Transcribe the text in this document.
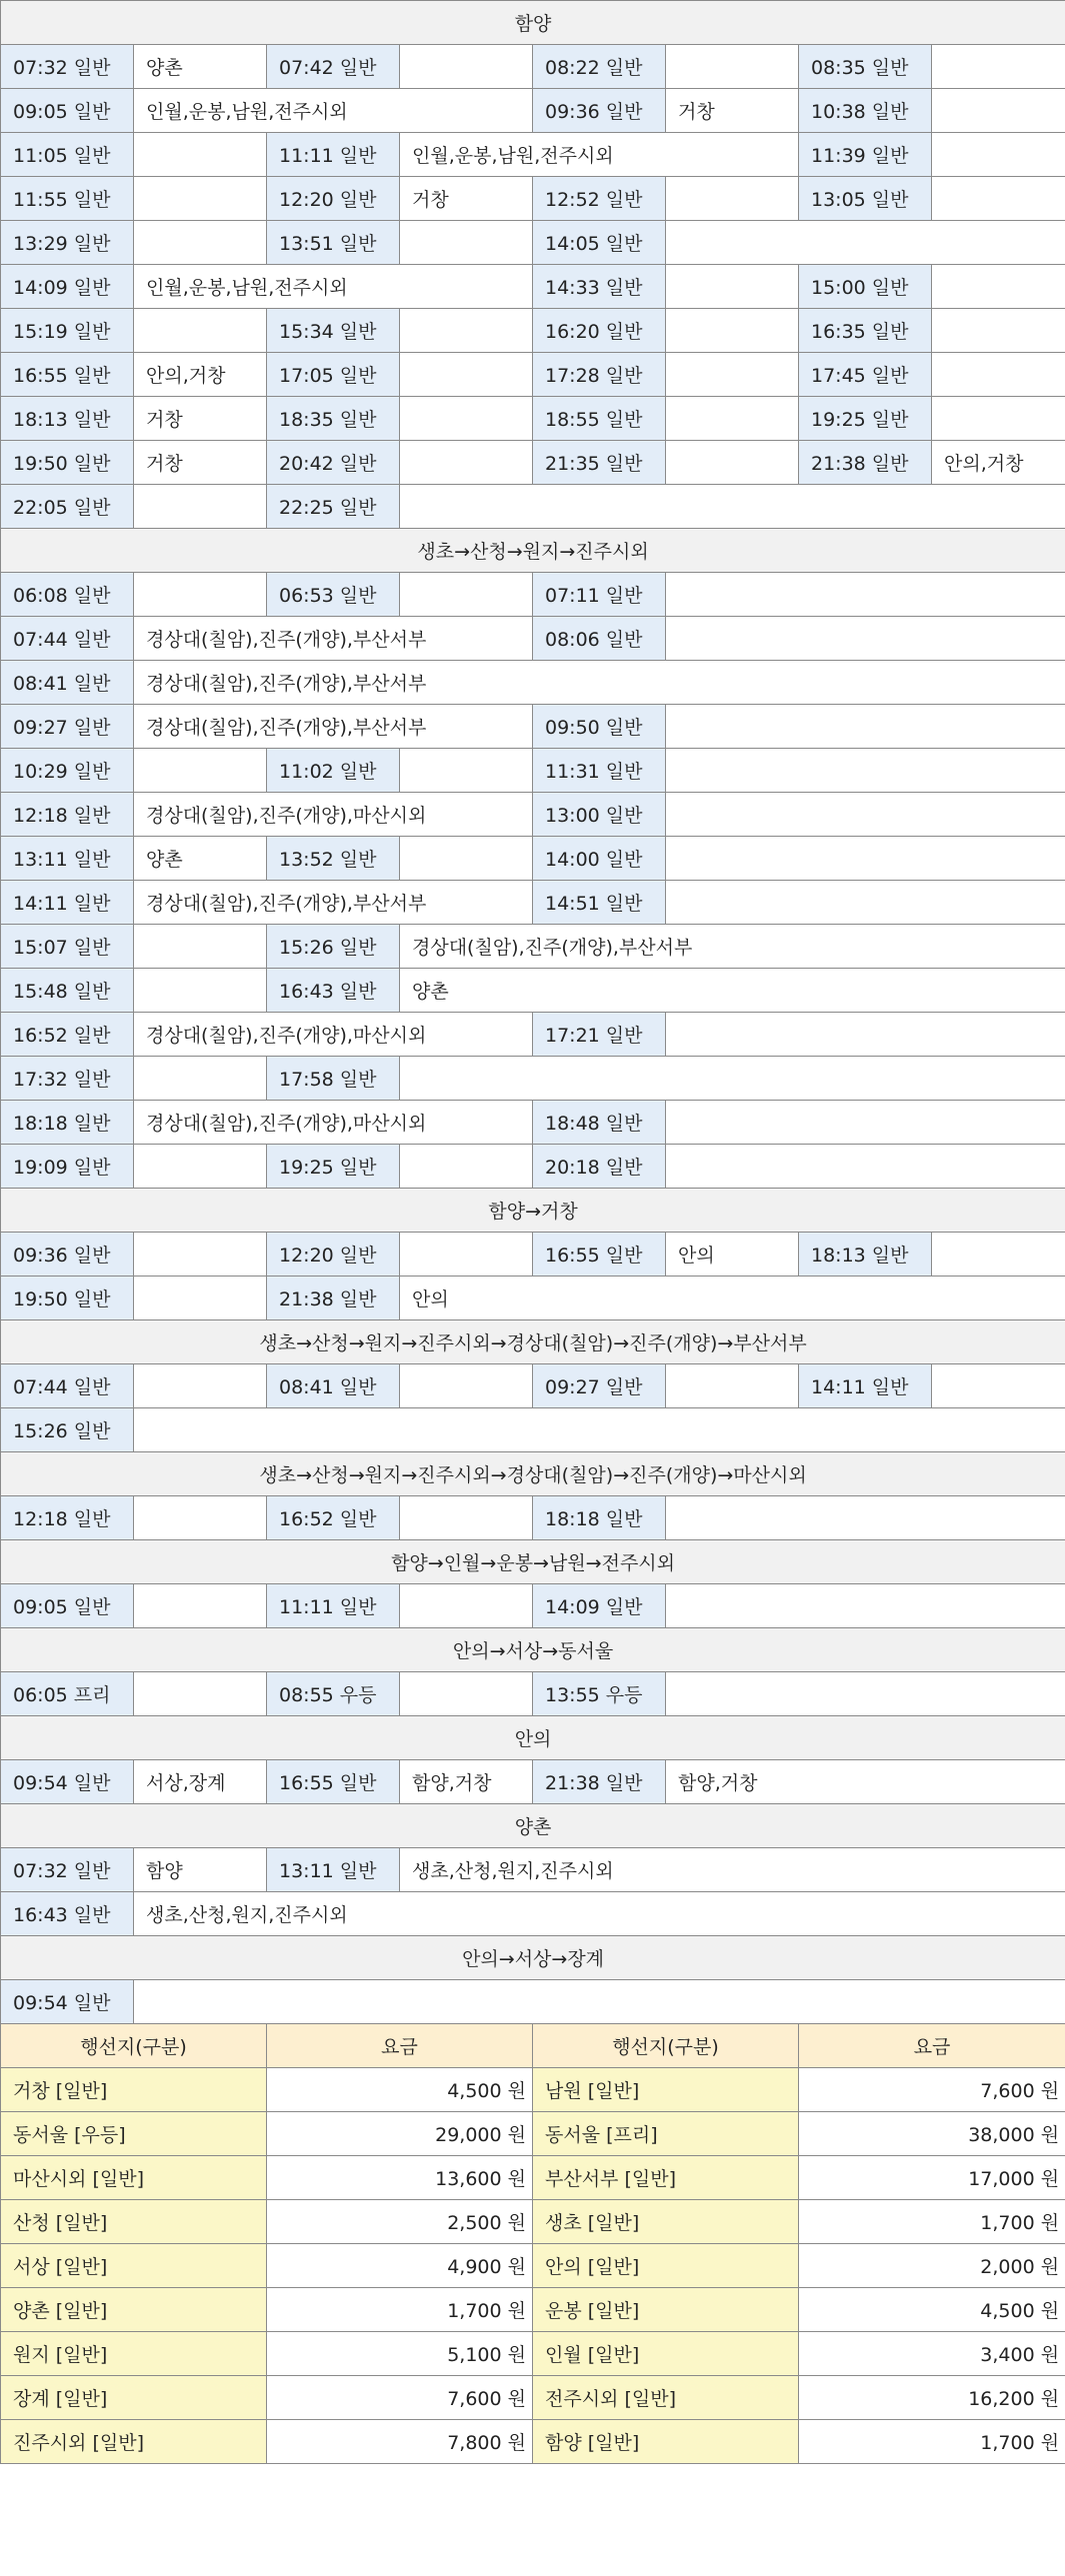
함양							
07:32 일반	양촌	07:42 일반		08:22 일반		08:35 일반	
09:05 일반	인월,운봉,남원,전주시외			09:36 일반	거창	10:38 일반	
11:05 일반		11:11 일반	인월,운봉,남원,전주시외			11:39 일반	
11:55 일반		12:20 일반	거창	12:52 일반		13:05 일반	
13:29 일반		13:51 일반		14:05 일반			
14:09 일반	인월,운봉,남원,전주시외			14:33 일반		15:00 일반	
15:19 일반		15:34 일반		16:20 일반		16:35 일반	
16:55 일반	안의,거창	17:05 일반		17:28 일반		17:45 일반	
18:13 일반	거창	18:35 일반		18:55 일반		19:25 일반	
19:50 일반	거창	20:42 일반		21:35 일반		21:38 일반	안의,거창
22:05 일반		22:25 일반					
생초→산청→원지→진주시외							
06:08 일반		06:53 일반		07:11 일반			
07:44 일반	경상대(칠암),진주(개양),부산서부			08:06 일반			
08:41 일반	경상대(칠암),진주(개양),부산서부						
09:27 일반	경상대(칠암),진주(개양),부산서부			09:50 일반			
10:29 일반		11:02 일반		11:31 일반			
12:18 일반	경상대(칠암),진주(개양),마산시외			13:00 일반			
13:11 일반	양촌	13:52 일반		14:00 일반			
14:11 일반	경상대(칠암),진주(개양),부산서부			14:51 일반			
15:07 일반		15:26 일반	경상대(칠암),진주(개양),부산서부				
15:48 일반		16:43 일반	양촌				
16:52 일반	경상대(칠암),진주(개양),마산시외			17:21 일반			
17:32 일반		17:58 일반					
18:18 일반	경상대(칠암),진주(개양),마산시외			18:48 일반			
19:09 일반		19:25 일반		20:18 일반			
함양→거창							
09:36 일반		12:20 일반		16:55 일반	안의	18:13 일반	
19:50 일반		21:38 일반	안의				
생초→산청→원지→진주시외→경상대(칠암)→진주(개양)→부산서부							
07:44 일반		08:41 일반		09:27 일반		14:11 일반	
15:26 일반							
생초→산청→원지→진주시외→경상대(칠암)→진주(개양)→마산시외							
12:18 일반		16:52 일반		18:18 일반			
함양→인월→운봉→남원→전주시외							
09:05 일반		11:11 일반		14:09 일반			
안의→서상→동서울							
06:05 프리		08:55 우등		13:55 우등			
안의							
09:54 일반	서상,장계	16:55 일반	함양,거창	21:38 일반	함양,거창		
양촌							
07:32 일반	함양	13:11 일반	생초,산청,원지,진주시외				
16:43 일반	생초,산청,원지,진주시외						
안의→서상→장계							
09:54 일반							
행선지(구분)		요금		행선지(구분)		요금	
거창 [일반]		4,500 원		남원 [일반]		7,600 원	
동서울 [우등]		29,000 원		동서울 [프리]		38,000 원	
마산시외 [일반]		13,600 원		부산서부 [일반]		17,000 원	
산청 [일반]		2,500 원		생초 [일반]		1,700 원	
서상 [일반]		4,900 원		안의 [일반]		2,000 원	
양촌 [일반]		1,700 원		운봉 [일반]		4,500 원	
원지 [일반]		5,100 원		인월 [일반]		3,400 원	
장계 [일반]		7,600 원		전주시외 [일반]		16,200 원	
진주시외 [일반]		7,800 원		함양 [일반]		1,700 원	
